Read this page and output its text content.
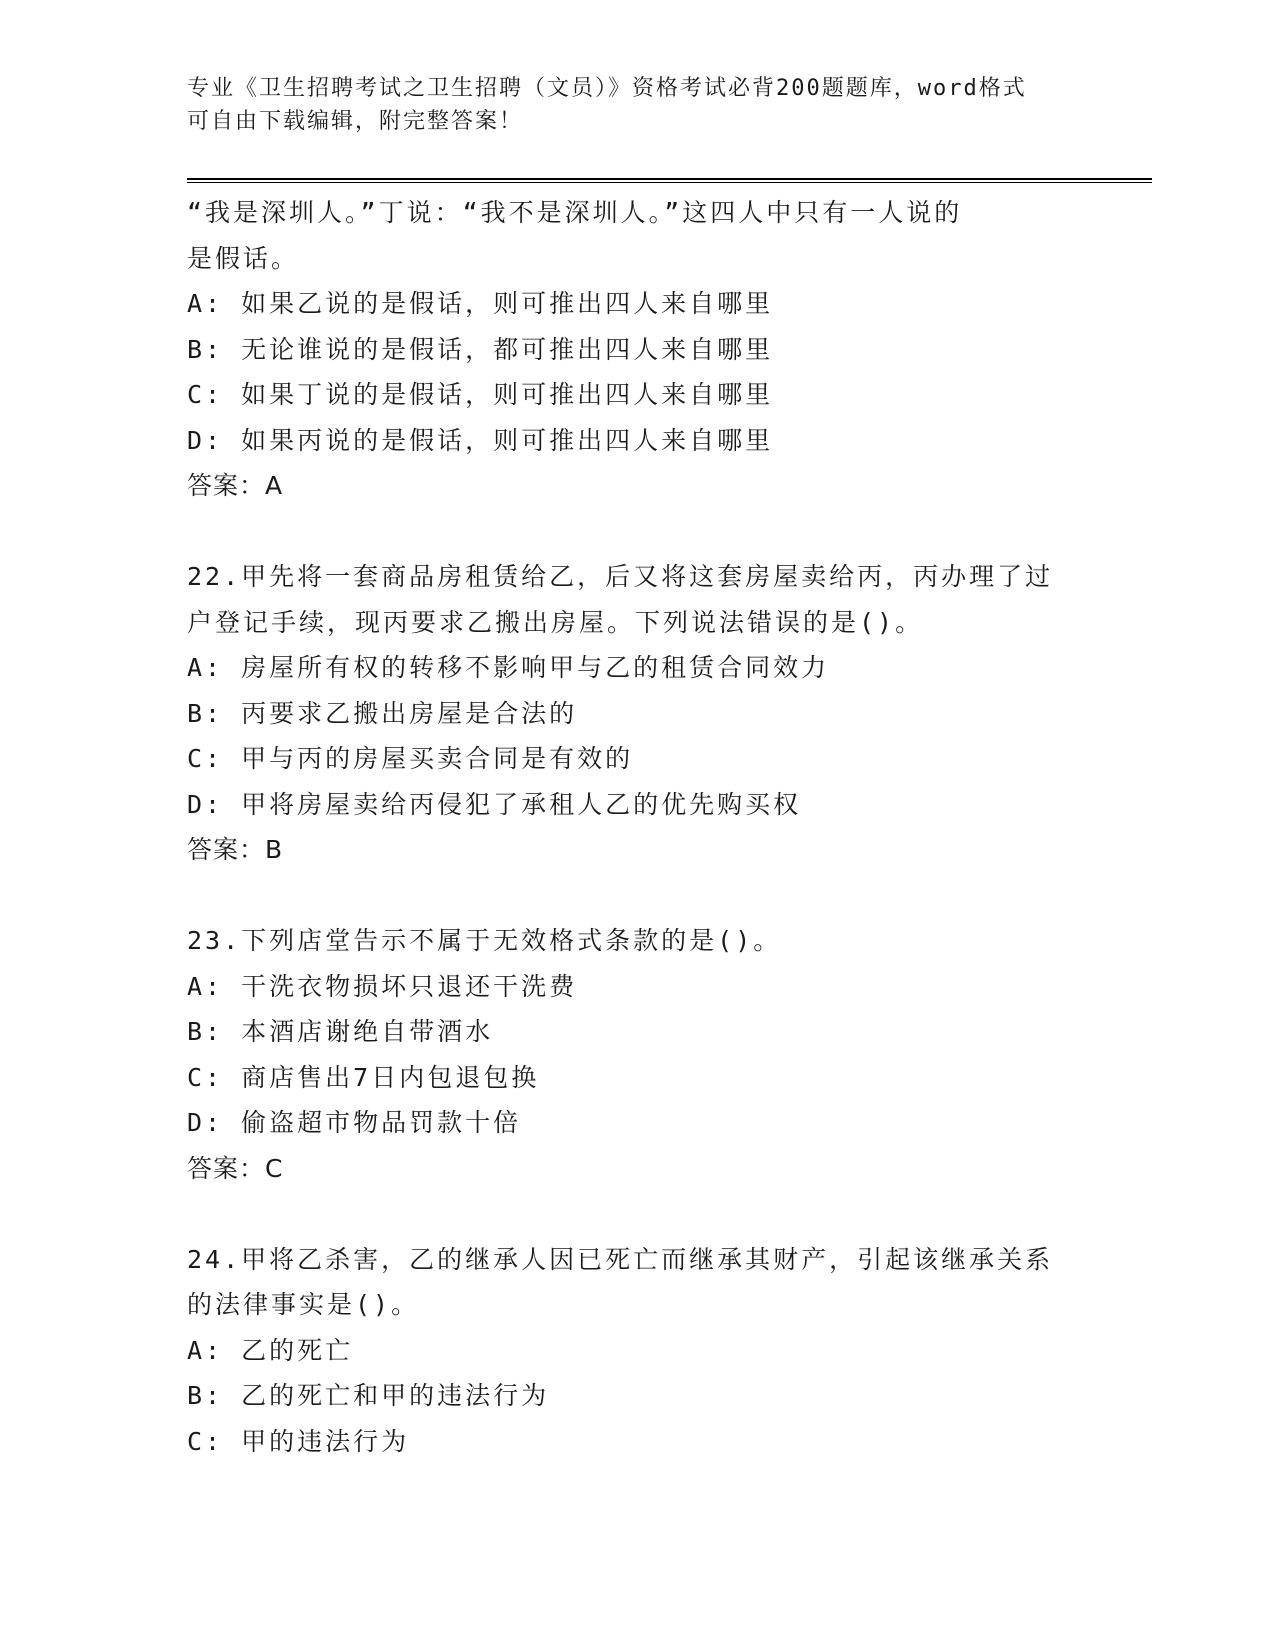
专业《卫生招聘考试之卫生招聘（文员）》资格考试必背200题题库，word格式
可自由下载编辑，附完整答案！
“我是深圳人。”丁说：“我不是深圳人。”这四人中只有一人说的
是假话。
A: 如果乙说的是假话，则可推出四人来自哪里
B: 无论谁说的是假话，都可推出四人来自哪里
C: 如果丁说的是假话，则可推出四人来自哪里
D: 如果丙说的是假话，则可推出四人来自哪里
答案：A
22.甲先将一套商品房租赁给乙，后又将这套房屋卖给丙，丙办理了过
户登记手续，现丙要求乙搬出房屋。下列说法错误的是()。
A: 房屋所有权的转移不影响甲与乙的租赁合同效力
B: 丙要求乙搬出房屋是合法的
C: 甲与丙的房屋买卖合同是有效的
D: 甲将房屋卖给丙侵犯了承租人乙的优先购买权
答案：B
23.下列店堂告示不属于无效格式条款的是()。
A: 干洗衣物损坏只退还干洗费
B: 本酒店谢绝自带酒水
C: 商店售出7日内包退包换
D: 偷盗超市物品罚款十倍
答案：C
24.甲将乙杀害，乙的继承人因已死亡而继承其财产，引起该继承关系
的法律事实是()。
A: 乙的死亡
B: 乙的死亡和甲的违法行为
C: 甲的违法行为
